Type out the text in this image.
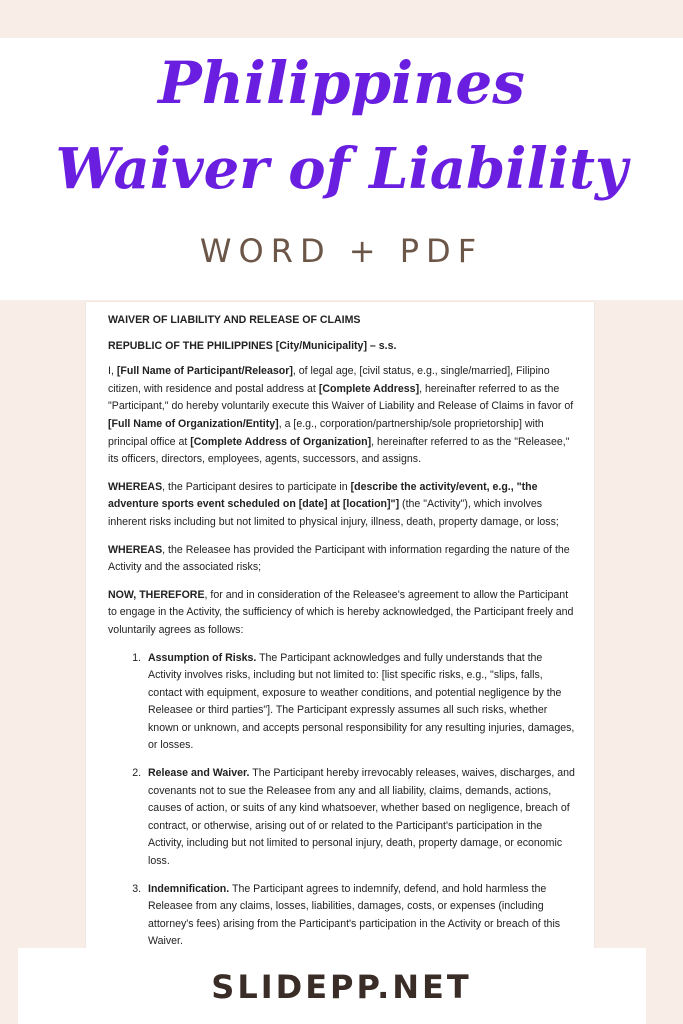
Philippines
Waiver of Liability
WORD + PDF

WAIVER OF LIABILITY AND RELEASE OF CLAIMS

REPUBLIC OF THE PHILIPPINES [City/Municipality] – s.s.

I, [Full Name of Participant/Releasor], of legal age, [civil status, e.g., single/married], Filipino citizen, with residence and postal address at [Complete Address], hereinafter referred to as the "Participant," do hereby voluntarily execute this Waiver of Liability and Release of Claims in favor of [Full Name of Organization/Entity], a [e.g., corporation/partnership/sole proprietorship] with principal office at [Complete Address of Organization], hereinafter referred to as the "Releasee," its officers, directors, employees, agents, successors, and assigns.

WHEREAS, the Participant desires to participate in [describe the activity/event, e.g., "the adventure sports event scheduled on [date] at [location]"] (the "Activity"), which involves inherent risks including but not limited to physical injury, illness, death, property damage, or loss;

WHEREAS, the Releasee has provided the Participant with information regarding the nature of the Activity and the associated risks;

NOW, THEREFORE, for and in consideration of the Releasee's agreement to allow the Participant to engage in the Activity, the sufficiency of which is hereby acknowledged, the Participant freely and voluntarily agrees as follows:

1. Assumption of Risks. The Participant acknowledges and fully understands that the Activity involves risks, including but not limited to: [list specific risks, e.g., "slips, falls, contact with equipment, exposure to weather conditions, and potential negligence by the Releasee or third parties"]. The Participant expressly assumes all such risks, whether known or unknown, and accepts personal responsibility for any resulting injuries, damages, or losses.
2. Release and Waiver. The Participant hereby irrevocably releases, waives, discharges, and covenants not to sue the Releasee from any and all liability, claims, demands, actions, causes of action, or suits of any kind whatsoever, whether based on negligence, breach of contract, or otherwise, arising out of or related to the Participant's participation in the Activity, including but not limited to personal injury, death, property damage, or economic loss.
3. Indemnification. The Participant agrees to indemnify, defend, and hold harmless the Releasee from any claims, losses, liabilities, damages, costs, or expenses (including attorney's fees) arising from the Participant's participation in the Activity or breach of this Waiver.
SLIDEPP.NET
